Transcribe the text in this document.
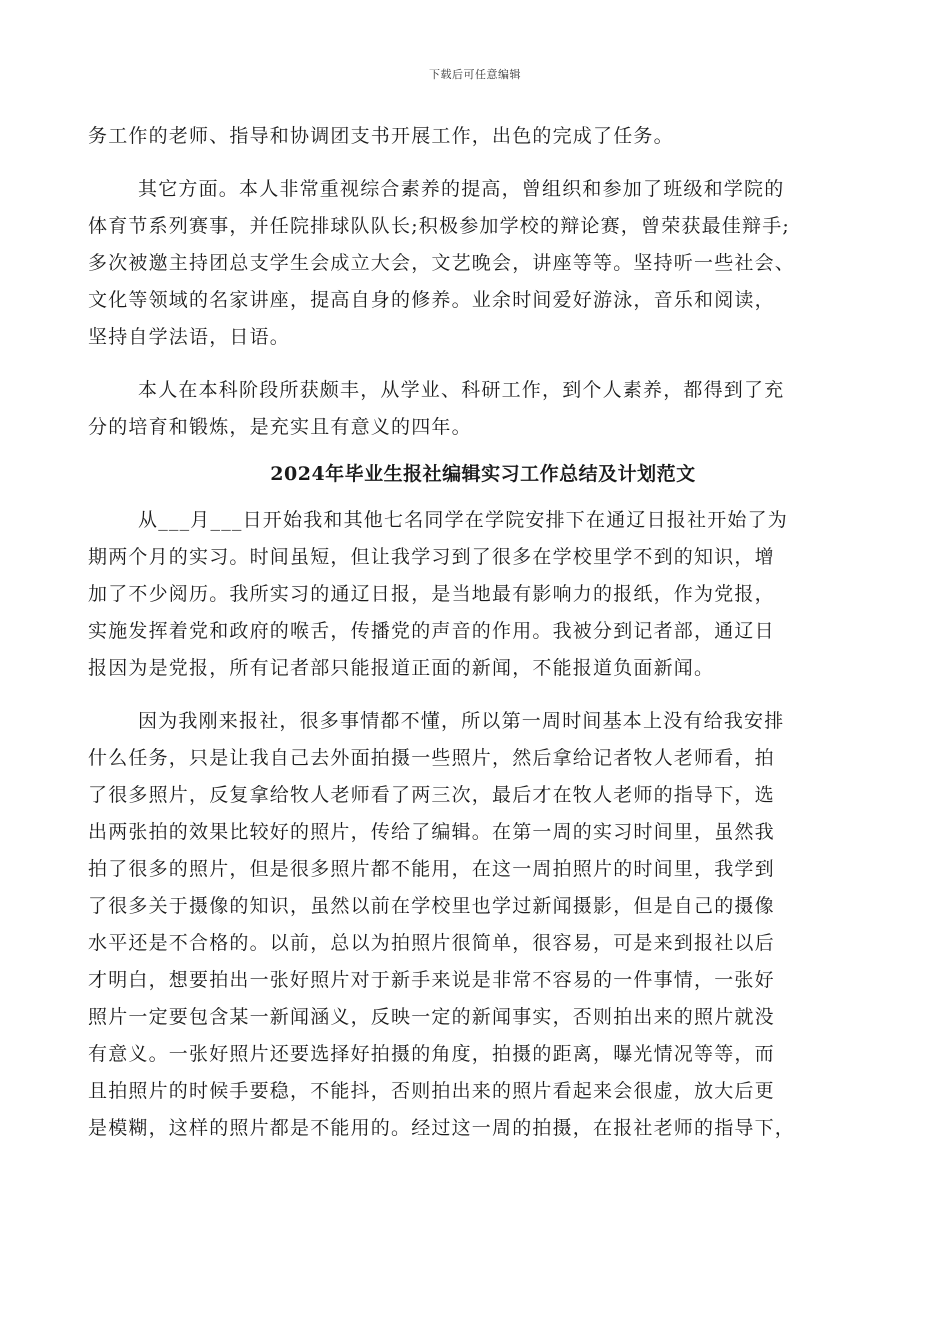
下载后可任意编辑
务工作的老师、指导和协调团支书开展工作，出色的完成了任务。
其它方面。本人非常重视综合素养的提高，曾组织和参加了班级和学院的
体育节系列赛事，并任院排球队队长;积极参加学校的辩论赛，曾荣获最佳辩手;
多次被邀主持团总支学生会成立大会，文艺晚会，讲座等等。坚持听一些社会、
文化等领域的名家讲座，提高自身的修养。业余时间爱好游泳，音乐和阅读，
坚持自学法语，日语。
本人在本科阶段所获颇丰，从学业、科研工作，到个人素养，都得到了充
分的培育和锻炼，是充实且有意义的四年。
2024年毕业生报社编辑实习工作总结及计划范文
从___月___日开始我和其他七名同学在学院安排下在通辽日报社开始了为
期两个月的实习。时间虽短，但让我学习到了很多在学校里学不到的知识，增
加了不少阅历。我所实习的通辽日报，是当地最有影响力的报纸，作为党报，
实施发挥着党和政府的喉舌，传播党的声音的作用。我被分到记者部，通辽日
报因为是党报，所有记者部只能报道正面的新闻，不能报道负面新闻。
因为我刚来报社，很多事情都不懂，所以第一周时间基本上没有给我安排
什么任务，只是让我自己去外面拍摄一些照片，然后拿给记者牧人老师看，拍
了很多照片，反复拿给牧人老师看了两三次，最后才在牧人老师的指导下，选
出两张拍的效果比较好的照片，传给了编辑。在第一周的实习时间里，虽然我
拍了很多的照片，但是很多照片都不能用，在这一周拍照片的时间里，我学到
了很多关于摄像的知识，虽然以前在学校里也学过新闻摄影，但是自己的摄像
水平还是不合格的。以前，总以为拍照片很简单，很容易，可是来到报社以后
才明白，想要拍出一张好照片对于新手来说是非常不容易的一件事情，一张好
照片一定要包含某一新闻涵义，反映一定的新闻事实，否则拍出来的照片就没
有意义。一张好照片还要选择好拍摄的角度，拍摄的距离，曝光情况等等，而
且拍照片的时候手要稳，不能抖，否则拍出来的照片看起来会很虚，放大后更
是模糊，这样的照片都是不能用的。经过这一周的拍摄，在报社老师的指导下，
